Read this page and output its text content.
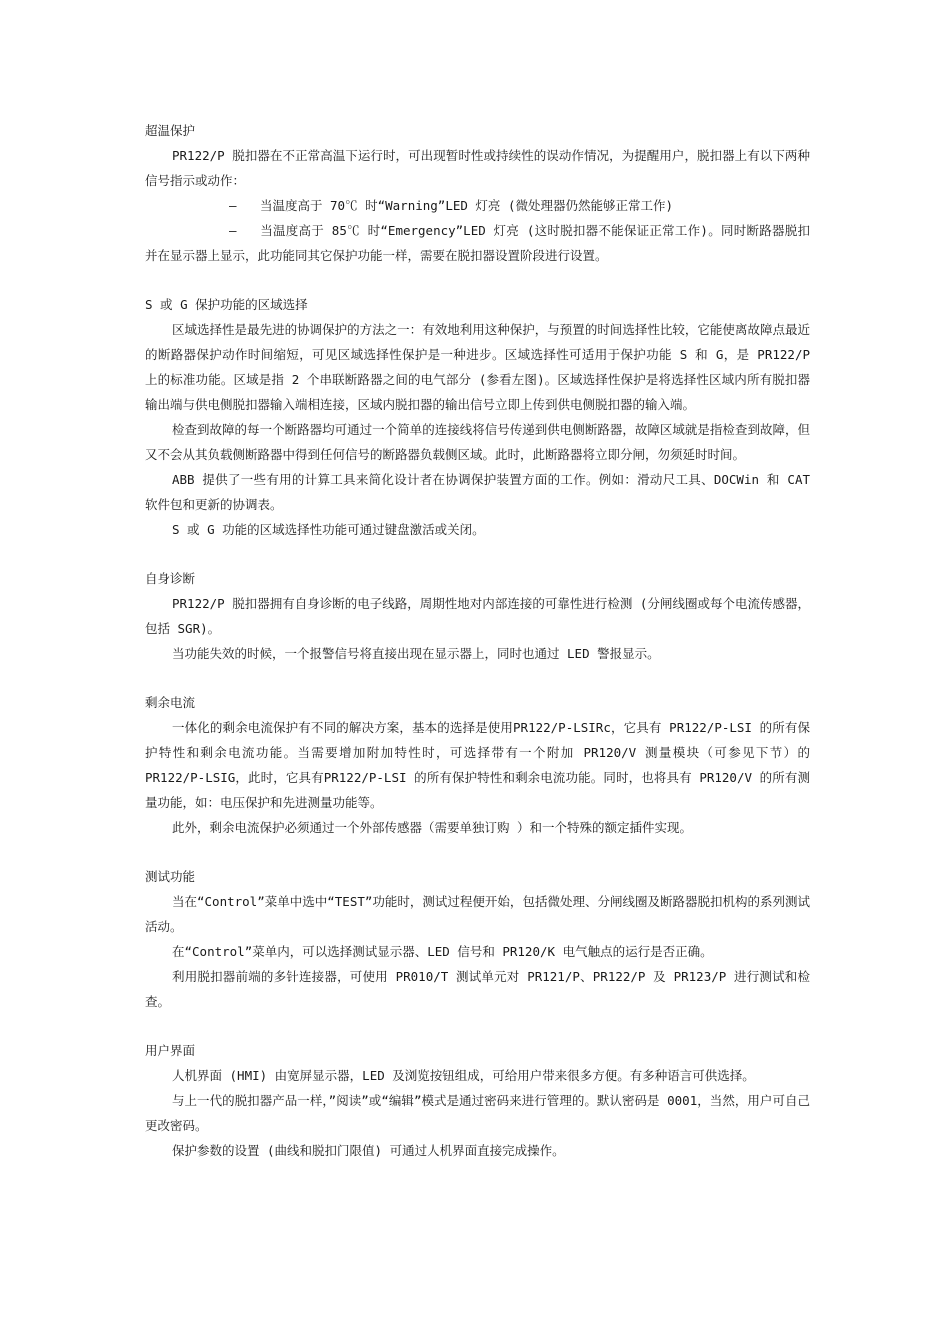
超温保护

PR122/P 脱扣器在不正常高温下运行时，可出现暂时性或持续性的误动作情况，为提醒用户，脱扣器上有以下两种信号指示或动作：

— 当温度高于 70℃ 时“Warning”LED 灯亮 (微处理器仍然能够正常工作)

— 当温度高于 85℃ 时“Emergency”LED 灯亮 (这时脱扣器不能保证正常工作)。同时断路器脱扣并在显示器上显示，此功能同其它保护功能一样，需要在脱扣器设置阶段进行设置。

S 或 G 保护功能的区域选择

区域选择性是最先进的协调保护的方法之一：有效地利用这种保护，与预置的时间选择性比较，它能使离故障点最近的断路器保护动作时间缩短，可见区域选择性保护是一种进步。区域选择性可适用于保护功能 S 和 G，是 PR122/P 上的标准功能。区域是指 2 个串联断路器之间的电气部分 (参看左图)。区域选择性保护是将选择性区域内所有脱扣器输出端与供电侧脱扣器输入端相连接，区域内脱扣器的输出信号立即上传到供电侧脱扣器的输入端。

检查到故障的每一个断路器均可通过一个简单的连接线将信号传递到供电侧断路器，故障区域就是指检查到故障，但又不会从其负载侧断路器中得到任何信号的断路器负载侧区域。此时，此断路器将立即分闸，勿须延时时间。

ABB 提供了一些有用的计算工具来简化设计者在协调保护装置方面的工作。例如：滑动尺工具、DOCWin 和 CAT 软件包和更新的协调表。

S 或 G 功能的区域选择性功能可通过键盘激活或关闭。

自身诊断

PR122/P 脱扣器拥有自身诊断的电子线路，周期性地对内部连接的可靠性进行检测 (分闸线圈或每个电流传感器，包括 SGR)。

当功能失效的时候，一个报警信号将直接出现在显示器上，同时也通过 LED 警报显示。

剩余电流

一体化的剩余电流保护有不同的解决方案，基本的选择是使用PR122/P-LSIRc，它具有 PR122/P-LSI 的所有保护特性和剩余电流功能。当需要增加附加特性时，可选择带有一个附加 PR120/V 测量模块（可参见下节）的 PR122/P-LSIG，此时，它具有PR122/P-LSI 的所有保护特性和剩余电流功能。同时，也将具有 PR120/V 的所有测量功能，如：电压保护和先进测量功能等。

此外，剩余电流保护必须通过一个外部传感器（需要单独订购 ）和一个特殊的额定插件实现。

测试功能

当在“Control”菜单中选中“TEST”功能时，测试过程便开始，包括微处理、分闸线圈及断路器脱扣机构的系列测试活动。

在“Control”菜单内，可以选择测试显示器、LED 信号和 PR120/K 电气触点的运行是否正确。

利用脱扣器前端的多针连接器，可使用 PR010/T 测试单元对 PR121/P、PR122/P 及 PR123/P 进行测试和检查。

用户界面

人机界面 (HMI) 由宽屏显示器，LED 及浏览按钮组成，可给用户带来很多方便。有多种语言可供选择。

与上一代的脱扣器产品一样，”阅读”或“编辑”模式是通过密码来进行管理的。默认密码是 0001，当然，用户可自己更改密码。

保护参数的设置 (曲线和脱扣门限值) 可通过人机界面直接完成操作。
